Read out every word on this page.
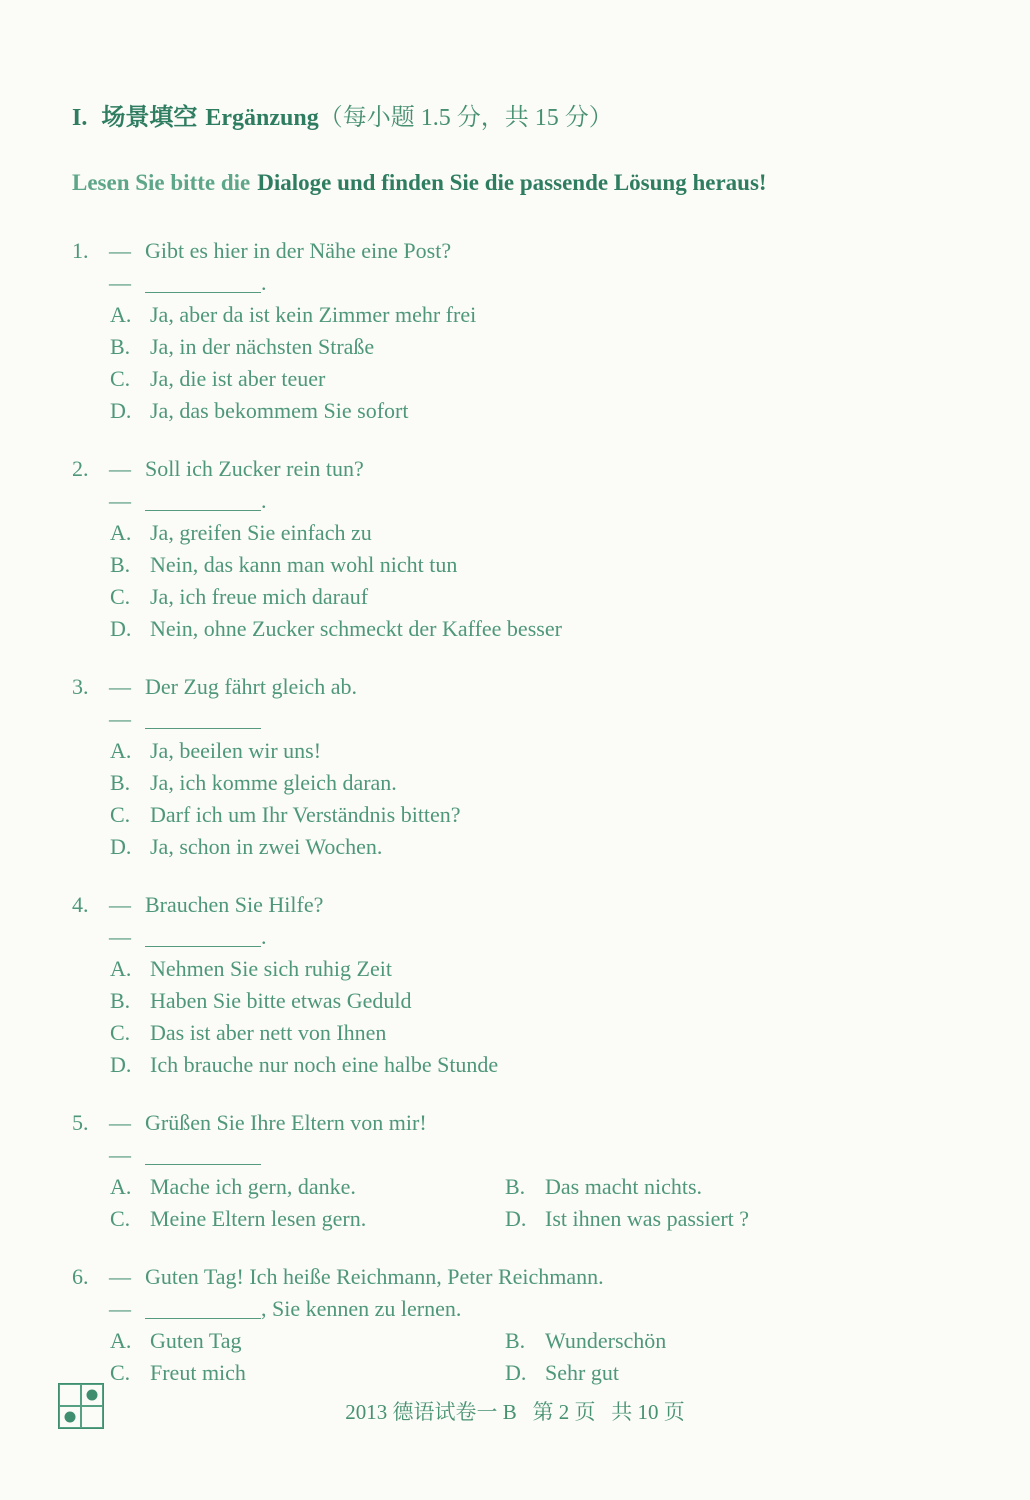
I. 场景填空 Ergänzung（每小题 1.5 分，共 15 分）
Lesen Sie bitte die Dialoge und finden Sie die passende Lösung heraus!
1. — Gibt es hier in der Nähe eine Post?
—	.
A. Ja, aber da ist kein Zimmer mehr frei
B. Ja, in der nächsten Straße
C. Ja, die ist aber teuer
D. Ja, das bekommem Sie sofort
2. — Soll ich Zucker rein tun?
—	.
A. Ja, greifen Sie einfach zu
B. Nein, das kann man wohl nicht tun
C. Ja, ich freue mich darauf
D. Nein, ohne Zucker schmeckt der Kaffee besser
3. — Der Zug fährt gleich ab.
—
A. Ja, beeilen wir uns!
B. Ja, ich komme gleich daran.
C. Darf ich um Ihr Verständnis bitten?
D. Ja, schon in zwei Wochen.
4. — Brauchen Sie Hilfe?
—	.
A. Nehmen Sie sich ruhig Zeit
B. Haben Sie bitte etwas Geduld
C. Das ist aber nett von Ihnen
D. Ich brauche nur noch eine halbe Stunde
5. — Grüßen Sie Ihre Eltern von mir!
—
A. Mache ich gern, danke.	B. Das macht nichts.
C. Meine Eltern lesen gern.	D. Ist ihnen was passiert ?
6. — Guten Tag! Ich heiße Reichmann, Peter Reichmann.
—	, Sie kennen zu lernen.
A. Guten Tag	B. Wunderschön
C. Freut mich	D. Sehr gut
2013 德语试卷一 B   第 2 页   共 10 页
